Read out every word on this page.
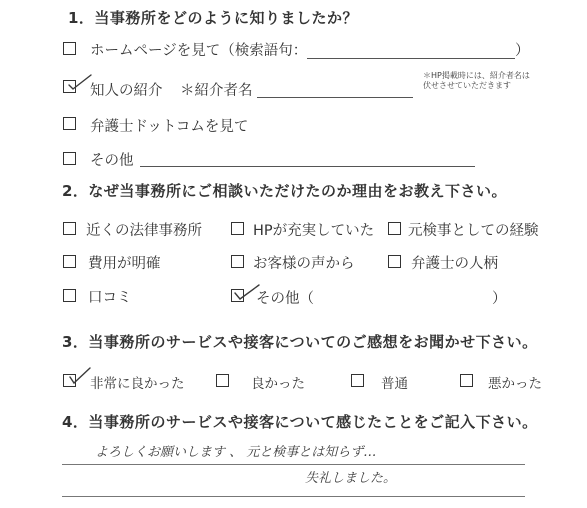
1．当事務所をどのように知りましたか？
ホームページを見て（検索語句：	）
知人の紹介 ＊紹介者名
＊HP掲載時には、紹介者名は
伏せさせていただきます
弁護士ドットコムを見て
その他
2．なぜ当事務所にご相談いただけたのか理由をお教え下さい。
近くの法律事務所	HPが充実していた 元検事としての経験
費用が明確	お客様の声から	弁護士の人柄
口コミ	その他（	）
3．当事務所のサービスや接客についてのご感想をお聞かせ下さい。
非常に良かった	良かった	普通	悪かった
4．当事務所のサービスや接客について感じたことをご記入下さい。
よろしくお願いします 、 元と検事とは知らず…
失礼しました。
